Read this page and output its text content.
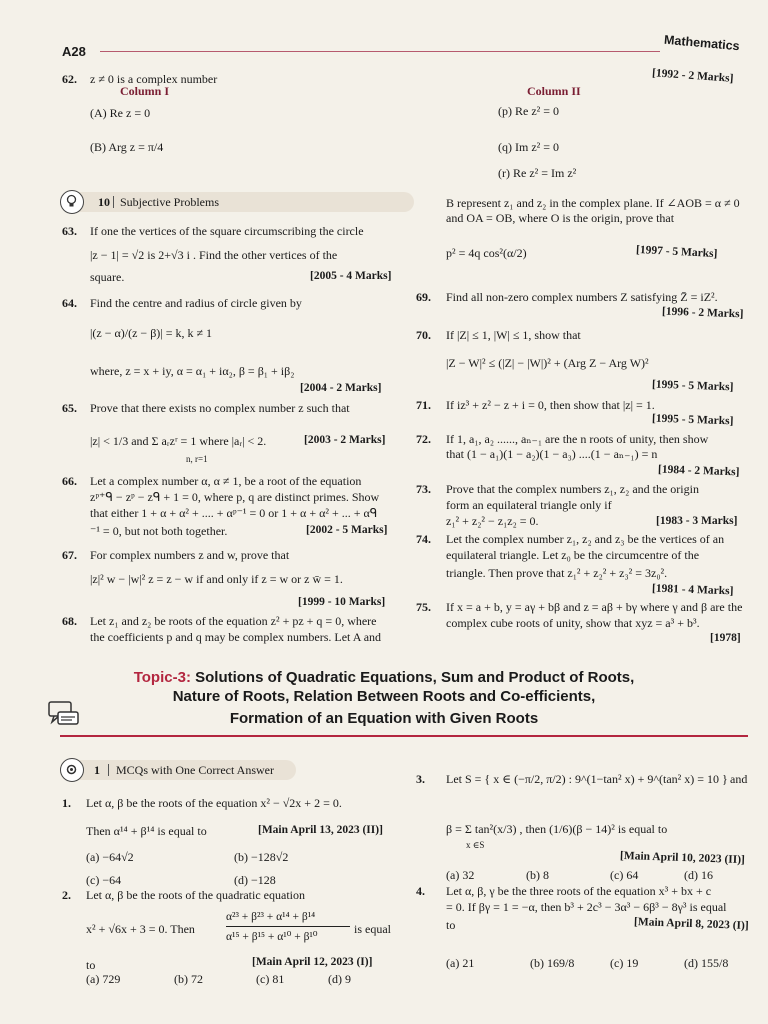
A28	Mathematics
62. z ≠ 0 is a complex number
Column I
(A) Re z = 0
(B) Arg z = π/4
[1992 - 2 Marks]
Column II
(p) Re z² = 0
(q) Im z² = 0
(r) Re z² = Im z²
10 Subjective Problems
63. If one the vertices of the square circumscribing the circle
|z − 1| = √2 is 2+√3 i . Find the other vertices of the
square.	[2005 - 4 Marks]
64. Find the centre and radius of circle given by
|(z − α)/(z − β)| = k, k ≠ 1
where, z = x + iy, α = α₁ + iα₂, β = β₁ + iβ₂
[2004 - 2 Marks]
65. Prove that there exists no complex number z such that
|z| < 1/3 and Σ aᵣzʳ = 1 where |aᵣ| < 2.
n, r=1
[2003 - 2 Marks]
66. Let a complex number α, α ≠ 1, be a root of the equation
zᵖ⁺ᑫ − zᵖ − zᑫ + 1 = 0, where p, q are distinct primes. Show
that either 1 + α + α² + .... + αᵖ⁻¹ = 0 or 1 + α + α² + ... + αᑫ
⁻¹ = 0, but not both together.	[2002 - 5 Marks]
67. For complex numbers z and w, prove that
|z|² w − |w|² z = z − w if and only if z = w or z w̄ = 1.
[1999 - 10 Marks]
68. Let z₁ and z₂ be roots of the equation z² + pz + q = 0, where
the coefficients p and q may be complex numbers. Let A and
B represent z₁ and z₂ in the complex plane. If ∠AOB = α ≠ 0
and OA = OB, where O is the origin, prove that
p² = 4q cos²(α/2)	[1997 - 5 Marks]
69. Find all non-zero complex numbers Z satisfying Z̄ = iZ².
[1996 - 2 Marks]
70. If |Z| ≤ 1, |W| ≤ 1, show that
|Z − W|² ≤ (|Z| − |W|)² + (Arg Z − Arg W)²
[1995 - 5 Marks]
71. If iz³ + z² − z + i = 0, then show that |z| = 1.
[1995 - 5 Marks]
72. If 1, a₁, a₂ ......, aₙ₋₁ are the n roots of unity, then show
that (1 − a₁)(1 − a₂)(1 − a₃) ....(1 − aₙ₋₁) = n
[1984 - 2 Marks]
73. Prove that the complex numbers z₁, z₂ and the origin
form an equilateral triangle only if
z₁² + z₂² − z₁z₂ = 0.	[1983 - 3 Marks]
74. Let the complex number z₁, z₂ and z₃ be the vertices of an
equilateral triangle. Let z₀ be the circumcentre of the
triangle. Then prove that z₁² + z₂² + z₃² = 3z₀².
[1981 - 4 Marks]
75. If x = a + b, y = aγ + bβ and z = aβ + bγ where γ and β are the
complex cube roots of unity, show that xyz = a³ + b³.
[1978]
Topic-3: Solutions of Quadratic Equations, Sum and Product of Roots,
Nature of Roots, Relation Between Roots and Co-efficients,
Formation of an Equation with Given Roots
1 MCQs with One Correct Answer
1. Let α, β be the roots of the equation x² − √2x + 2 = 0.
Then α¹⁴ + β¹⁴ is equal to	[Main April 13, 2023 (II)]
(a) −64√2	(b) −128√2
(c) −64	(d) −128
2. Let α, β be the roots of the quadratic equation
x² + √6x + 3 = 0. Then
α²³ + β²³ + α¹⁴ + β¹⁴
α¹⁵ + β¹⁵ + α¹⁰ + β¹⁰
is equal
to	[Main April 12, 2023 (I)]
(a) 729	(b) 72	(c) 81	(d) 9
3. Let S = { x ∈ (−π/2, π/2) : 9^(1−tan² x) + 9^(tan² x) = 10 } and
β = Σ tan²(x/3) , then (1/6)(β − 14)² is equal to
x ∈S
[Main April 10, 2023 (II)]
(a) 32	(b) 8	(c) 64	(d) 16
4. Let α, β, γ be the three roots of the equation x³ + bx + c
= 0. If βγ = 1 = −α, then b³ + 2c³ − 3α³ − 6β³ − 8γ³ is equal
to	[Main April 8, 2023 (I)]
(a) 21	(b) 169/8	(c) 19	(d) 155/8
